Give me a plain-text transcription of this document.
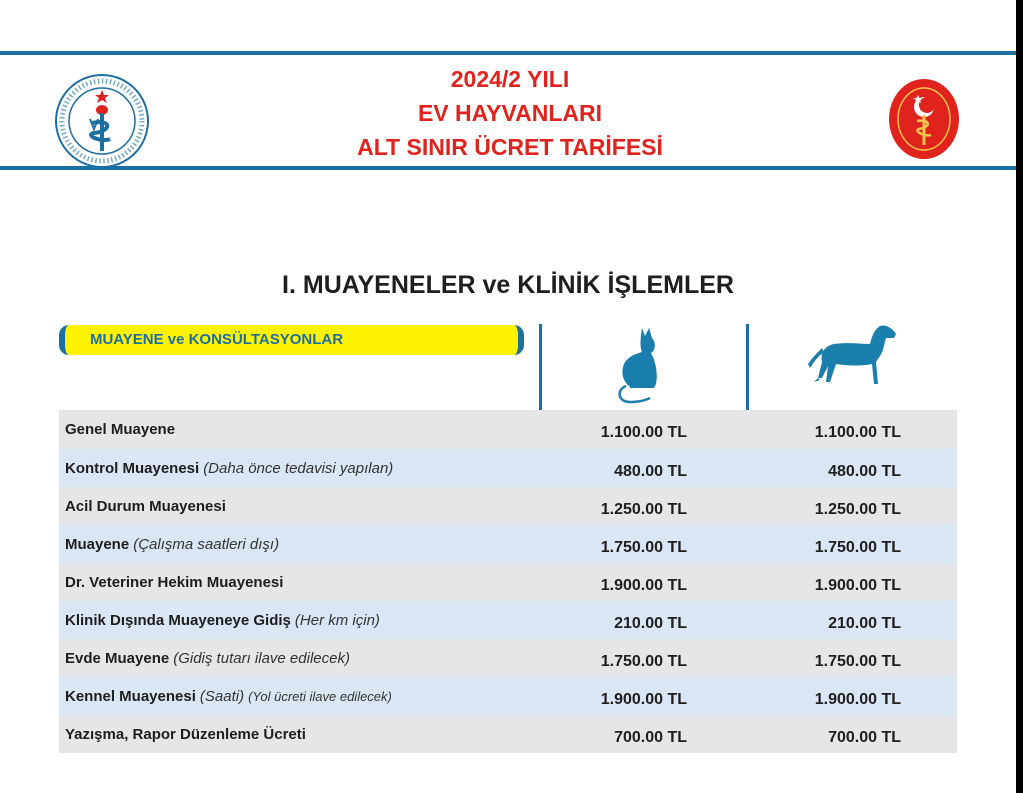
2024/2 YILI
EV HAYVANLARI
ALT SINIR ÜCRET TARİFESİ
I. MUAYENELER ve KLİNİK İŞLEMLER
MUAYENE ve KONSÜLTASYONLAR
Genel Muayene	1.100.00 TL	1.100.00 TL
Kontrol Muayenesi (Daha önce tedavisi yapılan)	480.00 TL	480.00 TL
Acil Durum Muayenesi	1.250.00 TL	1.250.00 TL
Muayene (Çalışma saatleri dışı)	1.750.00 TL	1.750.00 TL
Dr. Veteriner Hekim Muayenesi	1.900.00 TL	1.900.00 TL
Klinik Dışında Muayeneye Gidiş (Her km için)	210.00 TL	210.00 TL
Evde Muayene (Gidiş tutarı ilave edilecek)	1.750.00 TL	1.750.00 TL
Kennel Muayenesi (Saati) (Yol ücreti ilave edilecek)	1.900.00 TL	1.900.00 TL
Yazışma, Rapor Düzenleme Ücreti	700.00 TL	700.00 TL
